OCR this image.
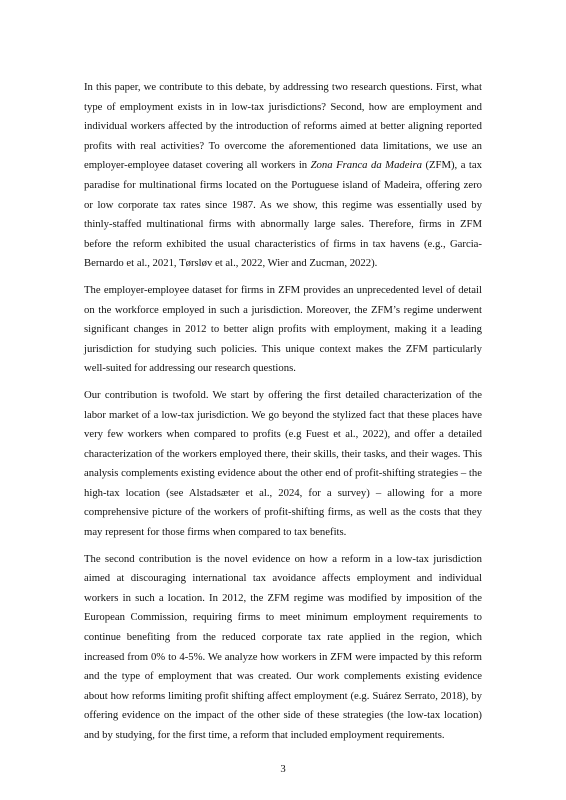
In this paper, we contribute to this debate, by addressing two research questions. First, what type of employment exists in in low-tax jurisdictions? Second, how are employment and individual workers affected by the introduction of reforms aimed at better aligning reported profits with real activities? To overcome the aforementioned data limitations, we use an employer-employee dataset covering all workers in Zona Franca da Madeira (ZFM), a tax paradise for multinational firms located on the Portuguese island of Madeira, offering zero or low corporate tax rates since 1987. As we show, this regime was essentially used by thinly-staffed multinational firms with abnormally large sales. Therefore, firms in ZFM before the reform exhibited the usual characteristics of firms in tax havens (e.g., Garcia-Bernardo et al., 2021, Tørsløv et al., 2022, Wier and Zucman, 2022).

The employer-employee dataset for firms in ZFM provides an unprecedented level of detail on the workforce employed in such a jurisdiction. Moreover, the ZFM’s regime underwent significant changes in 2012 to better align profits with employment, making it a leading jurisdiction for studying such policies. This unique context makes the ZFM particularly well-suited for addressing our research questions.

Our contribution is twofold. We start by offering the first detailed characterization of the labor market of a low-tax jurisdiction. We go beyond the stylized fact that these places have very few workers when compared to profits (e.g Fuest et al., 2022), and offer a detailed characterization of the workers employed there, their skills, their tasks, and their wages. This analysis complements existing evidence about the other end of profit-shifting strategies – the high-tax location (see Alstadsæter et al., 2024, for a survey) – allowing for a more comprehensive picture of the workers of profit-shifting firms, as well as the costs that they may represent for those firms when compared to tax benefits.

The second contribution is the novel evidence on how a reform in a low-tax jurisdiction aimed at discouraging international tax avoidance affects employment and individual workers in such a location. In 2012, the ZFM regime was modified by imposition of the European Commission, requiring firms to meet minimum employment requirements to continue benefiting from the reduced corporate tax rate applied in the region, which increased from 0% to 4-5%. We analyze how workers in ZFM were impacted by this reform and the type of employment that was created. Our work complements existing evidence about how reforms limiting profit shifting affect employment (e.g. Suárez Serrato, 2018), by offering evidence on the impact of the other side of these strategies (the low-tax location) and by studying, for the first time, a reform that included employment requirements.

3
